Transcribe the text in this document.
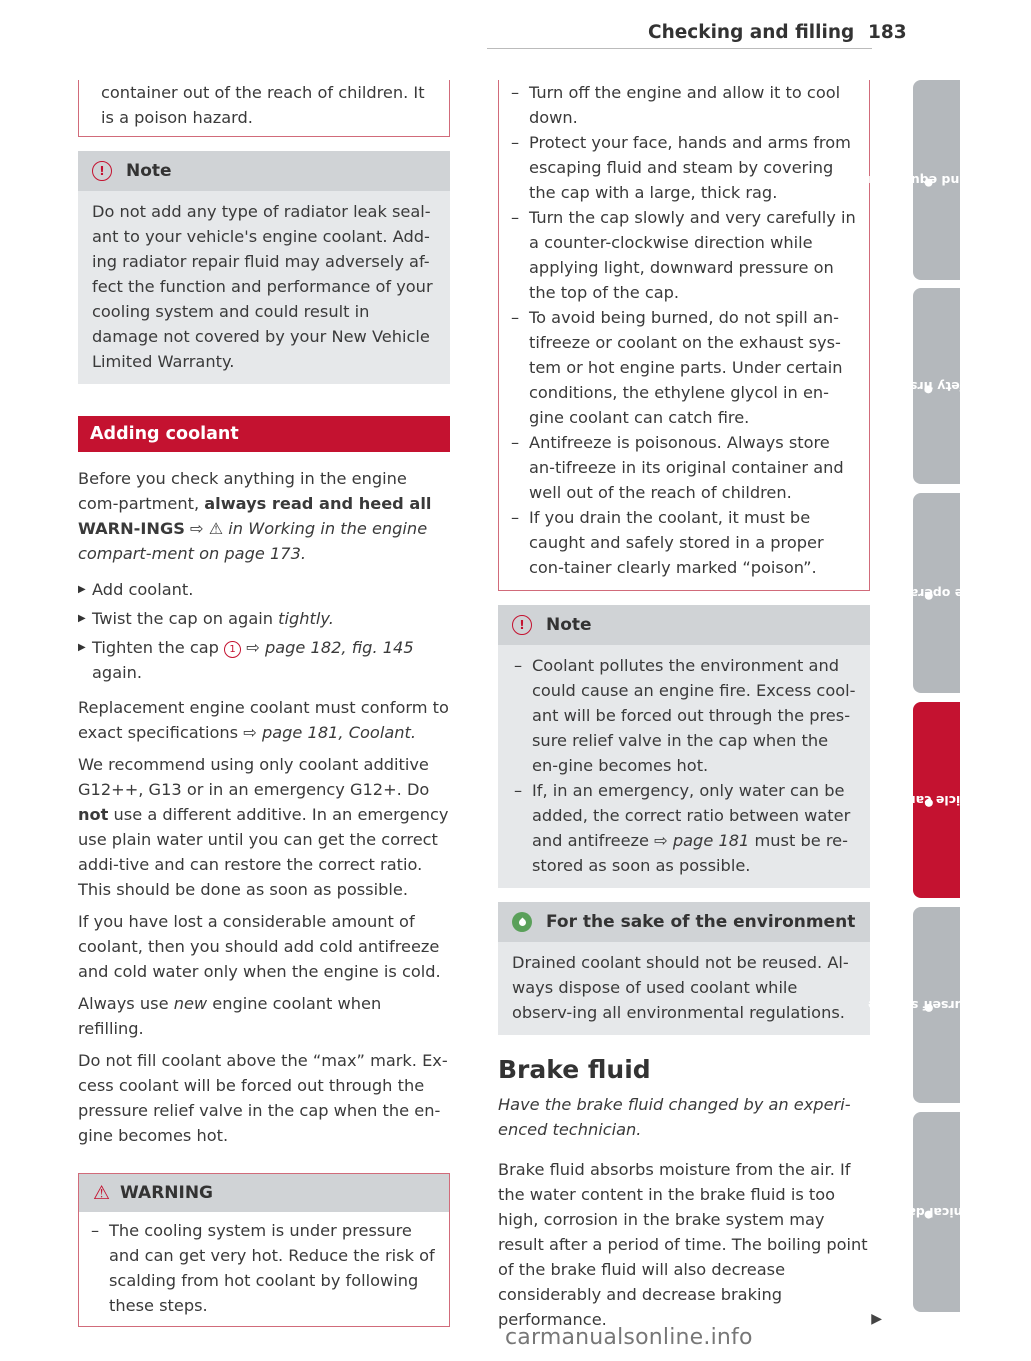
Checking and filling 183
container out of the reach of children. It
is a poison hazard.
!	Note

Do not add any type of radiator leak seal-ant to your vehicle's engine coolant. Add-ing radiator repair fluid may adversely af-fect the function and performance of your cooling system and could result in damage not covered by your New Vehicle Limited Warranty.

Adding coolant

Before you check anything in the engine com-partment, always read and heed all WARN-INGS ⇨ ⚠ in Working in the engine compart-ment on page 173.

▶ Add coolant.
▶ Twist the cap on again tightly.
▶ Tighten the cap 1 ⇨ page 182, fig. 145
again.

Replacement engine coolant must conform to exact specifications ⇨ page 181, Coolant.

We recommend using only coolant additive G12++, G13 or in an emergency G12+. Do not use a different additive. In an emergency use plain water until you can get the correct addi-tive and can restore the correct ratio. This should be done as soon as possible.

If you have lost a considerable amount of coolant, then you should add cold antifreeze and cold water only when the engine is cold.

Always use new engine coolant when refilling.

Do not fill coolant above the “max” mark. Ex-cess coolant will be forced out through the pressure relief valve in the cap when the en-gine becomes hot.

⚠ WARNING
– The cooling system is under pressure and can get very hot. Reduce the risk of scalding from hot coolant by following these steps.
– Turn off the engine and allow it to cool down.
– Protect your face, hands and arms from escaping fluid and steam by covering the cap with a large, thick rag.
– Turn the cap slowly and very carefully in a counter-clockwise direction while applying light, downward pressure on the top of the cap.
– To avoid being burned, do not spill an-tifreeze or coolant on the exhaust sys-tem or hot engine parts. Under certain conditions, the ethylene glycol in en-gine coolant can catch fire.
– Antifreeze is poisonous. Always store an-tifreeze in its original container and well out of the reach of children.
– If you drain the coolant, it must be caught and safely stored in a proper con-tainer clearly marked “poison”.
!	Note
– Coolant pollutes the environment and could cause an engine fire. Excess cool-ant will be forced out through the pres-sure relief valve in the cap when the en-gine becomes hot.
– If, in an emergency, only water can be added, the correct ratio between water and antifreeze ⇨ page 181 must be re-stored as soon as possible.
For the sake of the environment

Drained coolant should not be reused. Al-ways dispose of used coolant while observ-ing all environmental regulations.

Brake fluid

Have the brake fluid changed by an experi-enced technician.

Brake fluid absorbs moisture from the air. If the water content in the brake fluid is too high, corrosion in the brake system may result after a period of time. The boiling point of the brake fluid will also decrease considerably and decrease braking performance.	▶

Controls and equip-ment
Safety first
Vehicle operation
Vehicle care
Do-it-yourself service
Technical data
carmanualsonline.info
